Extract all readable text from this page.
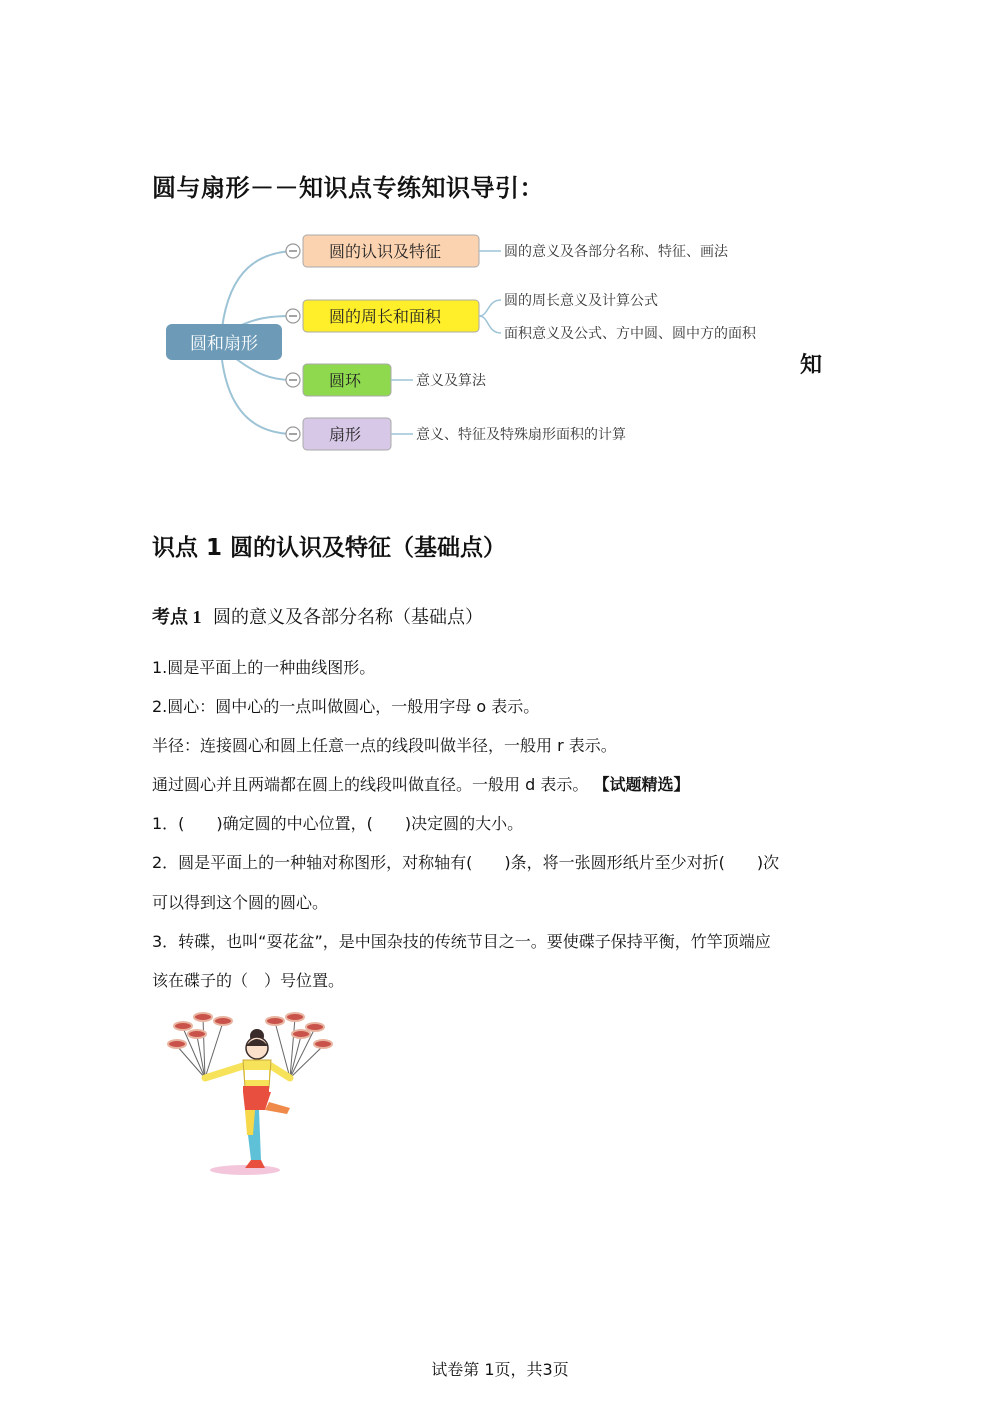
圆与扇形－－知识点专练知识导引：
圆和扇形
圆的认识及特征	圆的意义及各部分名称、特征、画法
圆的周长和面积
圆的周长意义及计算公式
面积意义及公式、方中圆、圆中方的面积
圆环	意义及算法
扇形	意义、特征及特殊扇形面积的计算
知
识点 1 圆的认识及特征（基础点）
考点 1 圆的意义及各部分名称（基础点）
1.圆是平面上的一种曲线图形。
2.圆心：圆中心的一点叫做圆心，一般用字母 o 表示。
半径：连接圆心和圆上任意一点的线段叫做半径，一般用 r 表示。
通过圆心并且两端都在圆上的线段叫做直径。一般用 d 表示。 【试题精选】
1．(　　)确定圆的中心位置，(　　)决定圆的大小。
2．圆是平面上的一种轴对称图形，对称轴有(　　)条，将一张圆形纸片至少对折(　　)次
可以得到这个圆的圆心。
3．转碟，也叫“耍花盆”，是中国杂技的传统节目之一。要使碟子保持平衡，竹竿顶端应
该在碟子的（　）号位置。
试卷第 1页，共3页
